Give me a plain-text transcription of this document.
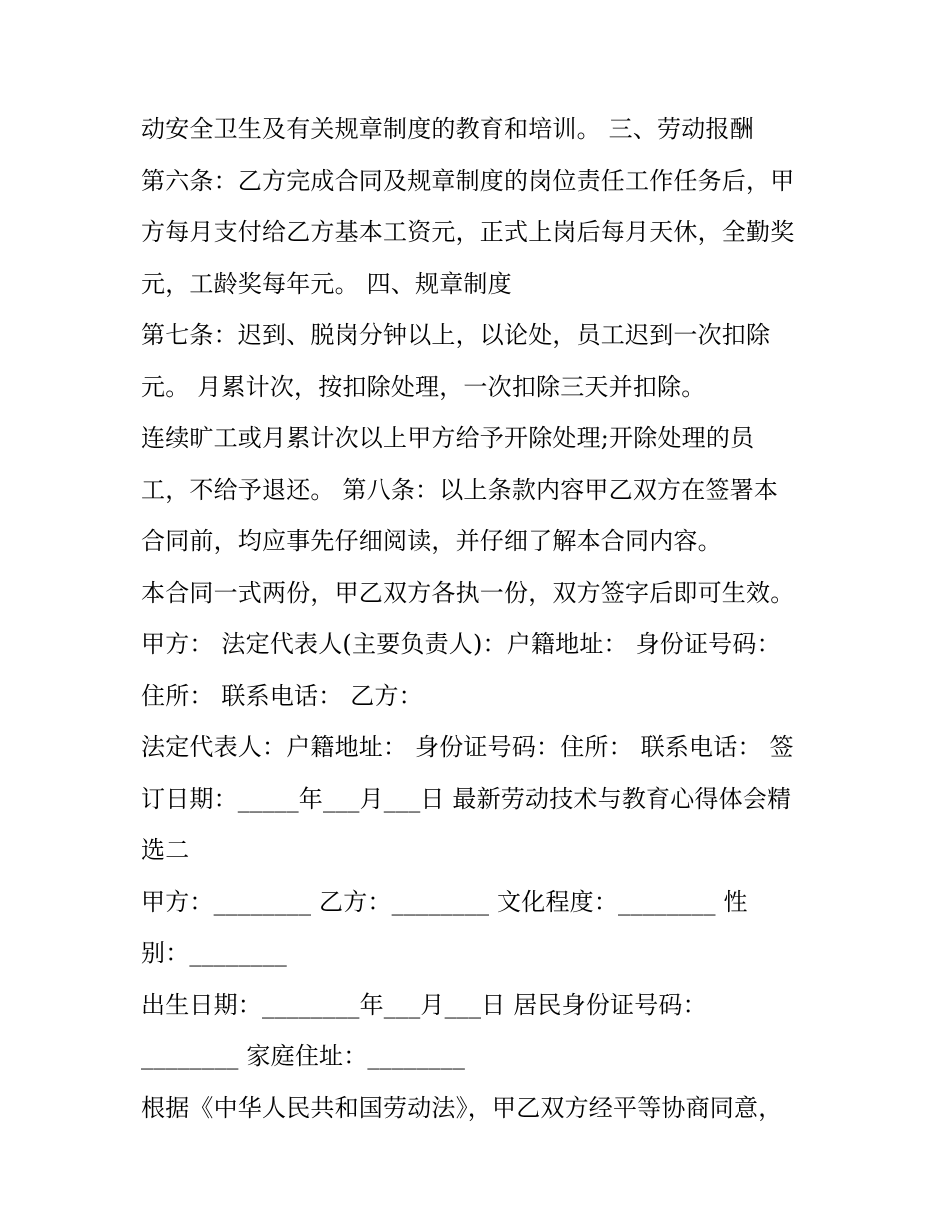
动安全卫生及有关规章制度的教育和培训。 三、劳动报酬
第六条：乙方完成合同及规章制度的岗位责任工作任务后，甲
方每月支付给乙方基本工资元，正式上岗后每月天休，全勤奖
元，工龄奖每年元。 四、规章制度
第七条：迟到、脱岗分钟以上，以论处，员工迟到一次扣除
元。 月累计次，按扣除处理，一次扣除三天并扣除。
连续旷工或月累计次以上甲方给予开除处理;开除处理的员
工，不给予退还。 第八条：以上条款内容甲乙双方在签署本
合同前，均应事先仔细阅读，并仔细了解本合同内容。
本合同一式两份，甲乙双方各执一份，双方签字后即可生效。
甲方： 法定代表人(主要负责人)：户籍地址： 身份证号码：
住所： 联系电话： 乙方：
法定代表人：户籍地址： 身份证号码：住所： 联系电话： 签
订日期：_____年___月___日 最新劳动技术与教育心得体会精
选二
甲方：________ 乙方：________ 文化程度：________ 性
别：________
出生日期：________年___月___日 居民身份证号码：
________ 家庭住址：________
根据《中华人民共和国劳动法》，甲乙双方经平等协商同意，
